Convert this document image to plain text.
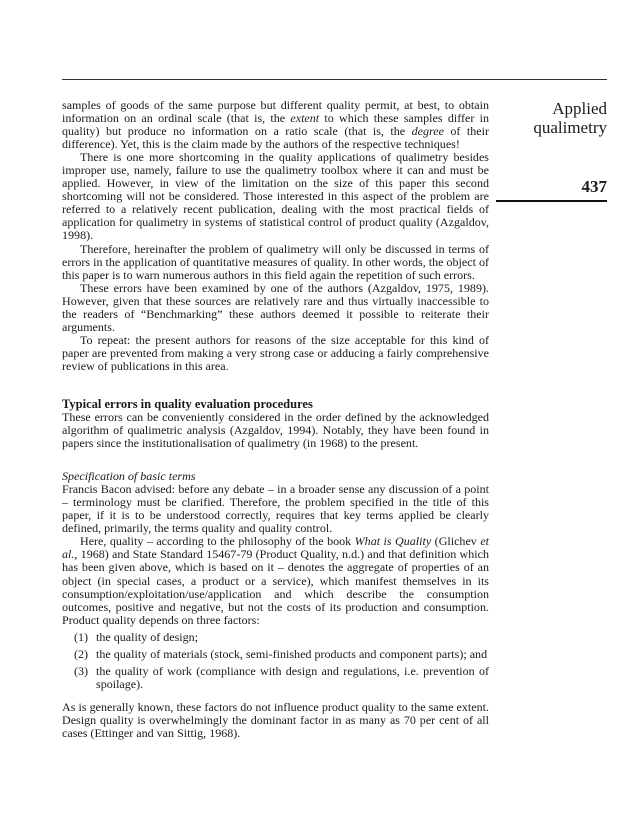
Applied
qualimetry
437

samples of goods of the same purpose but different quality permit, at best, to obtain information on an ordinal scale (that is, the extent to which these samples differ in quality) but produce no information on a ratio scale (that is, the degree of their difference). Yet, this is the claim made by the authors of the respective techniques!

There is one more shortcoming in the quality applications of qualimetry besides improper use, namely, failure to use the qualimetry toolbox where it can and must be applied. However, in view of the limitation on the size of this paper this second shortcoming will not be considered. Those interested in this aspect of the problem are referred to a relatively recent publication, dealing with the most practical fields of application for qualimetry in systems of statistical control of product quality (Azgaldov, 1998).

Therefore, hereinafter the problem of qualimetry will only be discussed in terms of errors in the application of quantitative measures of quality. In other words, the object of this paper is to warn numerous authors in this field again the repetition of such errors.

These errors have been examined by one of the authors (Azgaldov, 1975, 1989). However, given that these sources are relatively rare and thus virtually inaccessible to the readers of “Benchmarking” these authors deemed it possible to reiterate their arguments.

To repeat: the present authors for reasons of the size acceptable for this kind of paper are prevented from making a very strong case or adducing a fairly comprehensive review of publications in this area.

Typical errors in quality evaluation procedures

These errors can be conveniently considered in the order defined by the acknowledged algorithm of qualimetric analysis (Azgaldov, 1994). Notably, they have been found in papers since the institutionalisation of qualimetry (in 1968) to the present.

Specification of basic terms

Francis Bacon advised: before any debate – in a broader sense any discussion of a point – terminology must be clarified. Therefore, the problem specified in the title of this paper, if it is to be understood correctly, requires that key terms applied be clearly defined, primarily, the terms quality and quality control.

Here, quality – according to the philosophy of the book What is Quality (Glichev et al., 1968) and State Standard 15467-79 (Product Quality, n.d.) and that definition which has been given above, which is based on it – denotes the aggregate of properties of an object (in special cases, a product or a service), which manifest themselves in its consumption/exploitation/use/application and which describe the consumption outcomes, positive and negative, but not the costs of its production and consumption. Product quality depends on three factors:

(1) the quality of design;
(2) the quality of materials (stock, semi-finished products and component parts); and
(3) the quality of work (compliance with design and regulations, i.e. prevention of spoilage).

As is generally known, these factors do not influence product quality to the same extent. Design quality is overwhelmingly the dominant factor in as many as 70 per cent of all cases (Ettinger and van Sittig, 1968).
